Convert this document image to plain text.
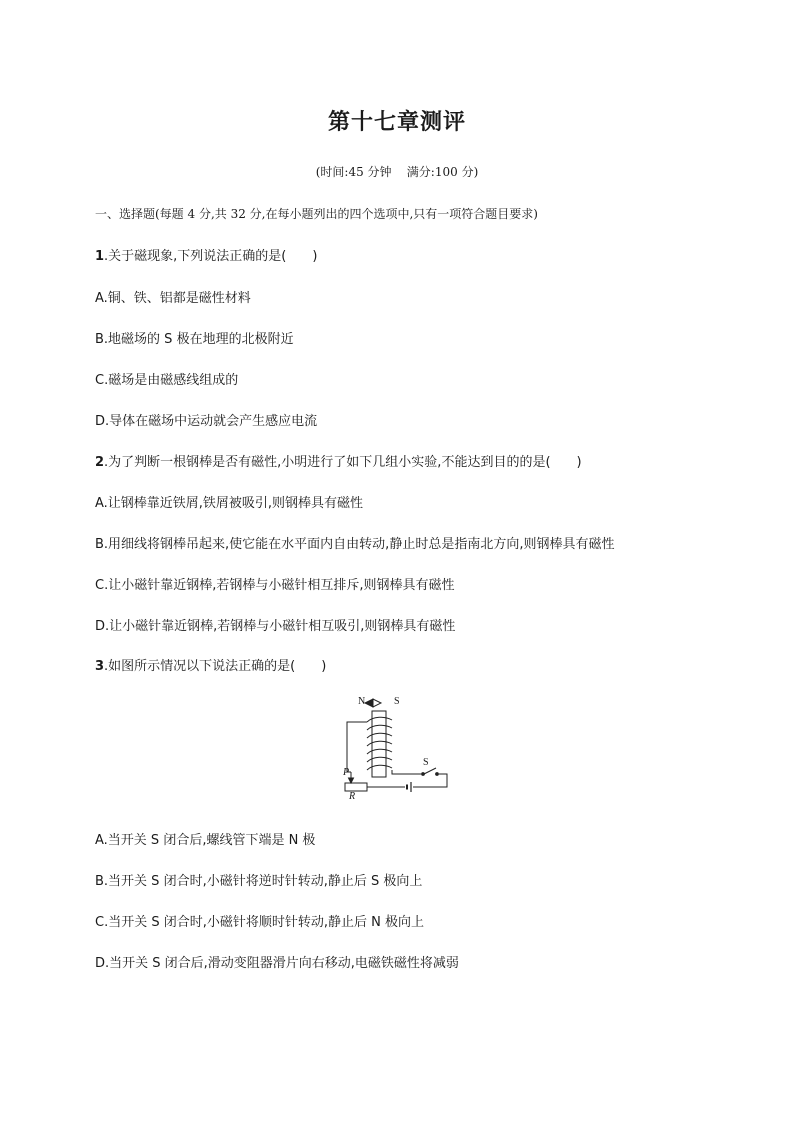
第十七章测评
(时间:45 分钟    满分:100 分)
一、选择题(每题 4 分,共 32 分,在每小题列出的四个选项中,只有一项符合题目要求)
1.关于磁现象,下列说法正确的是(　　)
A.铜、铁、铝都是磁性材料
B.地磁场的 S 极在地理的北极附近
C.磁场是由磁感线组成的
D.导体在磁场中运动就会产生感应电流
2.为了判断一根钢棒是否有磁性,小明进行了如下几组小实验,不能达到目的的是(　　)
A.让钢棒靠近铁屑,铁屑被吸引,则钢棒具有磁性
B.用细线将钢棒吊起来,使它能在水平面内自由转动,静止时总是指南北方向,则钢棒具有磁性
C.让小磁针靠近钢棒,若钢棒与小磁针相互排斥,则钢棒具有磁性
D.让小磁针靠近钢棒,若钢棒与小磁针相互吸引,则钢棒具有磁性
3.如图所示情况以下说法正确的是(　　)
N	S
S
P
R
A.当开关 S 闭合后,螺线管下端是 N 极
B.当开关 S 闭合时,小磁针将逆时针转动,静止后 S 极向上
C.当开关 S 闭合时,小磁针将顺时针转动,静止后 N 极向上
D.当开关 S 闭合后,滑动变阻器滑片向右移动,电磁铁磁性将减弱
